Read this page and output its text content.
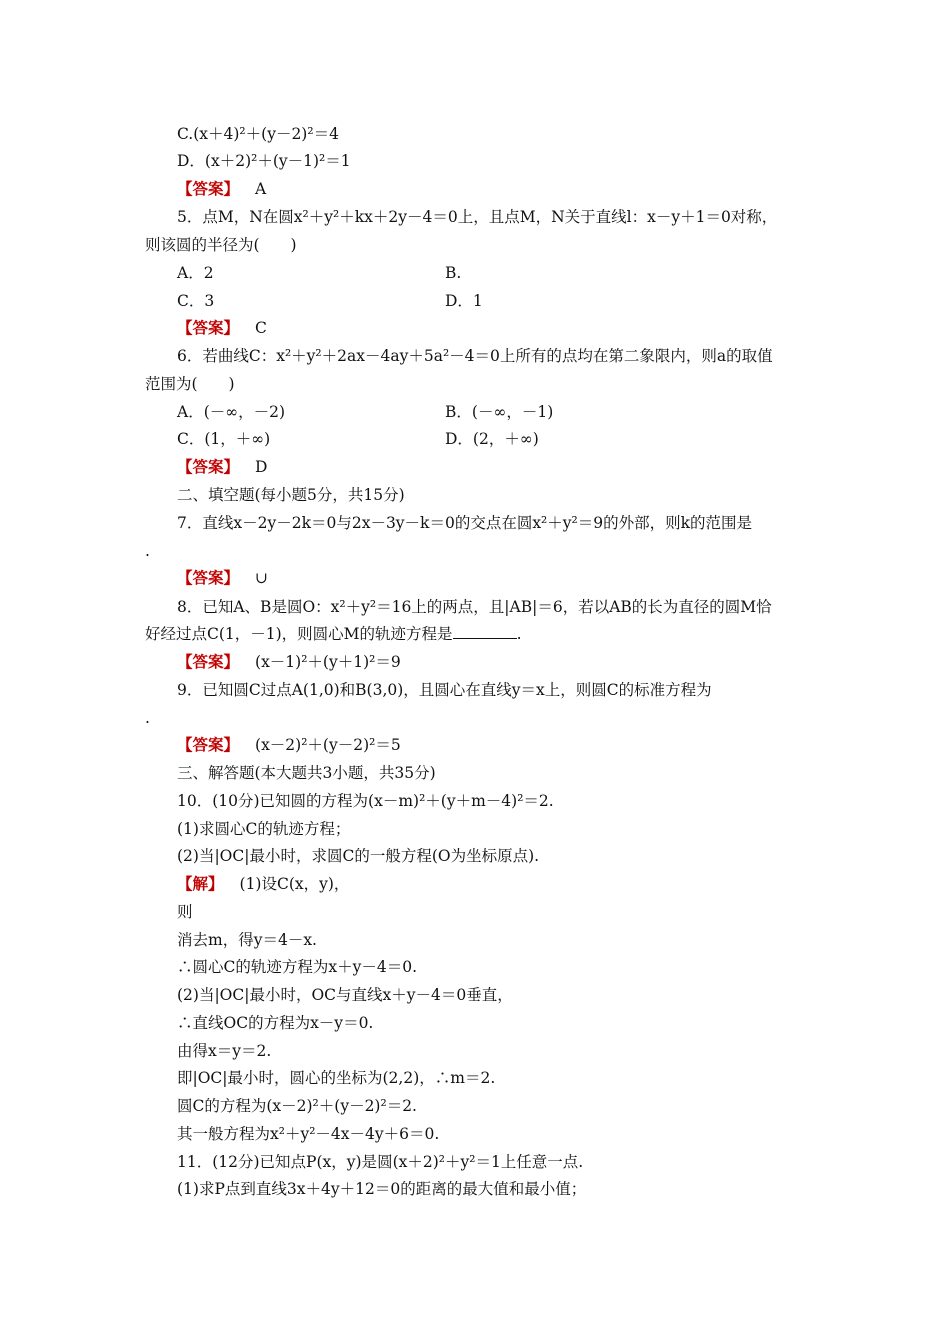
C.(x＋4)²＋(y－2)²＝4
D．(x＋2)²＋(y－1)²＝1
【答案】 A
5．点M，N在圆x²＋y²＋kx＋2y－4＝0上，且点M，N关于直线l：x－y＋1＝0对称，
则该圆的半径为(　　)
A．2	B.
C．3	D．1
【答案】 C
6．若曲线C：x²＋y²＋2ax－4ay＋5a²－4＝0上所有的点均在第二象限内，则a的取值
范围为(　　)
A．(－∞，－2)	B．(－∞，－1)
C．(1，＋∞)	D．(2，＋∞)
【答案】 D
二、填空题(每小题5分，共15分)
7．直线x－2y－2k＝0与2x－3y－k＝0的交点在圆x²＋y²＝9的外部，则k的范围是
.
【答案】 ∪
8．已知A、B是圆O：x²＋y²＝16上的两点，且|AB|＝6，若以AB的长为直径的圆M恰
好经过点C(1，－1)，则圆心M的轨迹方程是	.
【答案】 (x－1)²＋(y＋1)²＝9
9．已知圆C过点A(1,0)和B(3,0)，且圆心在直线y＝x上，则圆C的标准方程为
.
【答案】 (x－2)²＋(y－2)²＝5
三、解答题(本大题共3小题，共35分)
10．(10分)已知圆的方程为(x－m)²＋(y＋m－4)²＝2.
(1)求圆心C的轨迹方程；
(2)当|OC|最小时，求圆C的一般方程(O为坐标原点).
【解】 (1)设C(x，y)，
则
消去m，得y＝4－x.
∴圆心C的轨迹方程为x＋y－4＝0.
(2)当|OC|最小时，OC与直线x＋y－4＝0垂直，
∴直线OC的方程为x－y＝0.
由得x＝y＝2.
即|OC|最小时，圆心的坐标为(2,2)，∴m＝2.
圆C的方程为(x－2)²＋(y－2)²＝2.
其一般方程为x²＋y²－4x－4y＋6＝0.
11．(12分)已知点P(x，y)是圆(x＋2)²＋y²＝1上任意一点.
(1)求P点到直线3x＋4y＋12＝0的距离的最大值和最小值；
